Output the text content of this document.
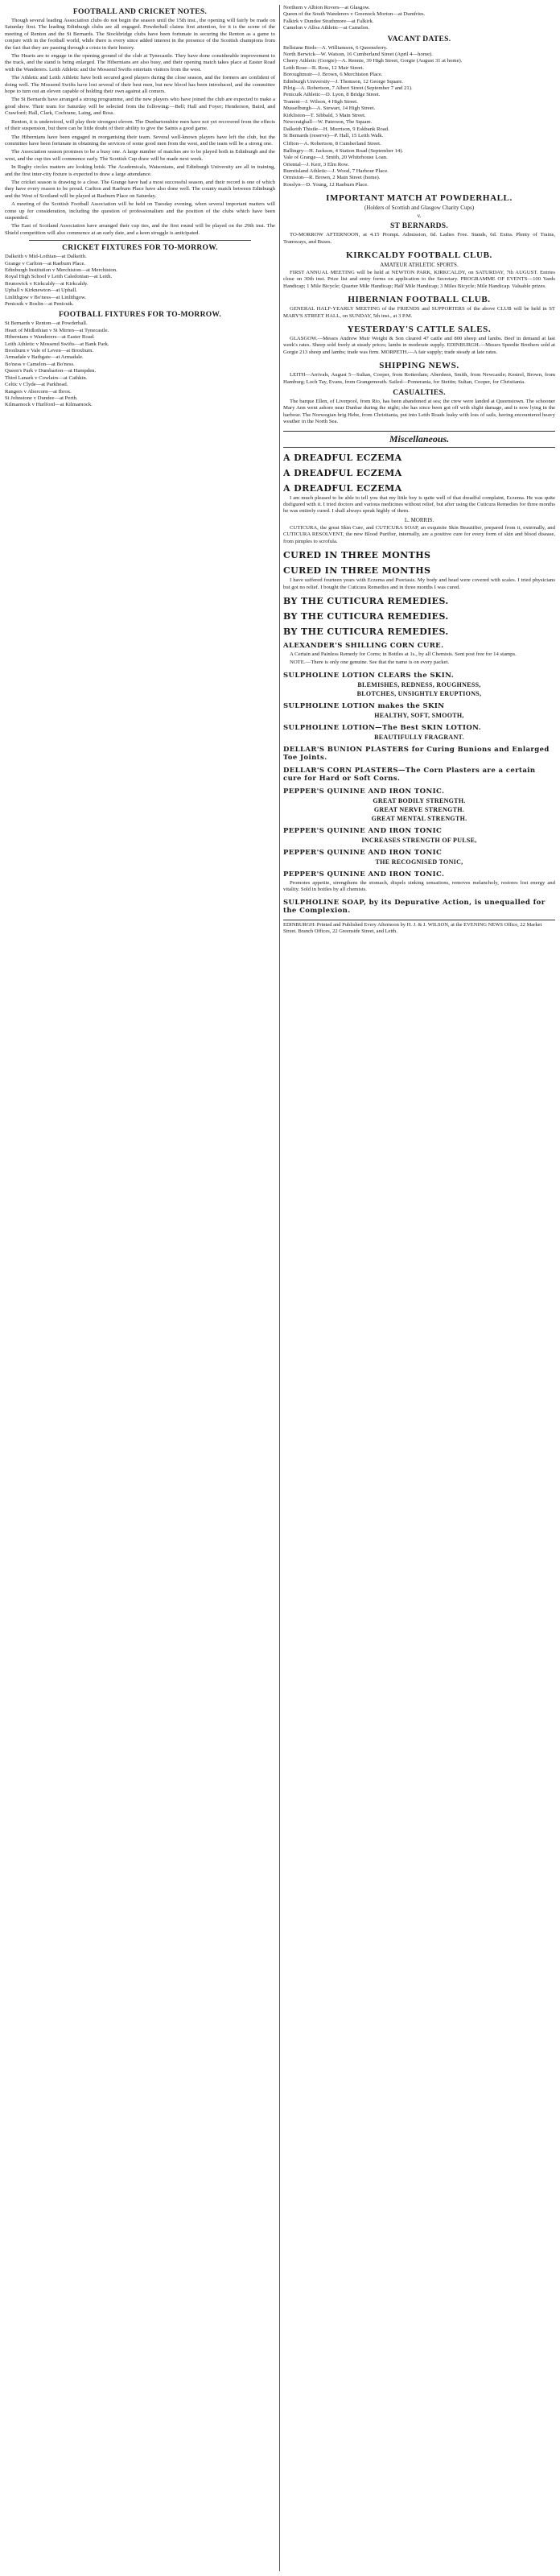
FOOTBALL AND CRICKET NOTES.

Though several leading Association clubs do not begin the season until the 15th inst., the opening will fairly be made on Saturday first. The leading Edinburgh clubs are all engaged. Powderhall claims first attention, for it is the scene of the meeting of Renton and the St Bernards. The Stockbridge clubs have been fortunate in securing the Renton as a game to conjure with in the football world, while there is every since added interest in the presence of the Scottish champions from the fact that they are passing through a crisis in their history.

The Hearts are to engage in the opening ground of the club at Tynecastle. They have done considerable improvement to the track, and the stand is being enlarged. The Hibernians are also busy, and their opening match takes place at Easter Road with the Wanderers. Leith Athletic and the Mossend Swifts entertain visitors from the west.

The Athletic and Leith Athletic have both secured good players during the close season, and the formers are confident of doing well. The Mossend Swifts have lost several of their best men, but new blood has been introduced, and the committee hope to turn out an eleven capable of holding their own against all comers.

The St Bernards have arranged a strong programme, and the new players who have joined the club are expected to make a good show. Their team for Saturday will be selected from the following:—Bell; Hall and Foyer; Henderson, Baird, and Crawford; Hall, Clark, Cochrane, Laing, and Ross.

Renton, it is understood, will play their strongest eleven. The Dunbartonshire men have not yet recovered from the effects of their suspension, but there can be little doubt of their ability to give the Saints a good game.

The Hibernians have been engaged in reorganising their team. Several well-known players have left the club, but the committee have been fortunate in obtaining the services of some good men from the west, and the team will be a strong one.

The Association season promises to be a busy one. A large number of matches are to be played both in Edinburgh and the west, and the cup ties will commence early. The Scottish Cup draw will be made next week.

In Rugby circles matters are looking brisk. The Academicals, Watsonians, and Edinburgh University are all in training, and the first inter-city fixture is expected to draw a large attendance.

The cricket season is drawing to a close. The Grange have had a most successful season, and their record is one of which they have every reason to be proud. Carlton and Raeburn Place have also done well. The county match between Edinburgh and the West of Scotland will be played at Raeburn Place on Saturday.

A meeting of the Scottish Football Association will be held on Tuesday evening, when several important matters will come up for consideration, including the question of professionalism and the position of the clubs which have been suspended.

The East of Scotland Association have arranged their cup ties, and the first round will be played on the 29th inst. The Shield competition will also commence at an early date, and a keen struggle is anticipated.

CRICKET FIXTURES FOR TO-MORROW.
Dalkeith v Mid-Lothian—at Dalkeith.
Grange v Carlton—at Raeburn Place.
Edinburgh Institution v Merchiston—at Merchiston.
Royal High School v Leith Caledonian—at Leith.
Brunswick v Kirkcaldy—at Kirkcaldy.
Uphall v Kirknewton—at Uphall.
Linlithgow v Bo'ness—at Linlithgow.
Penicuik v Roslin—at Penicuik.
FOOTBALL FIXTURES FOR TO-MORROW.
St Bernards v Renton—at Powderhall.
Heart of Midlothian v St Mirren—at Tynecastle.
Hibernians v Wanderers—at Easter Road.
Leith Athletic v Mossend Swifts—at Bank Park.
Broxburn v Vale of Leven—at Broxburn.
Armadale v Bathgate—at Armadale.
Bo'ness v Camelon—at Bo'ness.
Queen's Park v Dumbarton—at Hampden.
Third Lanark v Cowlairs—at Cathkin.
Celtic v Clyde—at Parkhead.
Rangers v Abercorn—at Ibrox.
St Johnstone v Dundee—at Perth.
Kilmarnock v Hurlford—at Kilmarnock.
Northern v Albion Rovers—at Glasgow.
Queen of the South Wanderers v Greenock Morton—at Dumfries.
Falkirk v Dundee Strathmore—at Falkirk.
Camelon v Alloa Athletic—at Camelon.
VACANT DATES.
Bellstane Birds—A. Williamson, 6 Queensferry.
North Berwick—W. Watson, 16 Cumberland Street (April 4—home).
Cherry Athletic (Gorgie)—A. Rennie, 39 High Street, Gorgie (August 31 at home).
Leith Rose—R. Ross, 12 Mair Street.
Boroughmuir—J. Brown, 6 Merchiston Place.
Edinburgh University—J. Thomson, 12 George Square.
Pilrig—A. Robertson, 7 Albert Street (September 7 and 21).
Penicuik Athletic—D. Lyon, 8 Bridge Street.
Tranent—J. Wilson, 4 High Street.
Musselburgh—A. Stewart, 14 High Street.
Kirkliston—T. Sibbald, 3 Main Street.
Newcraighall—W. Paterson, The Square.
Dalkeith Thistle—H. Morrison, 9 Eskbank Road.
St Bernards (reserve)—P. Hall, 15 Leith Walk.
Clifton—A. Robertson, 8 Cumberland Street.
Ballingry—H. Jackson, 4 Station Road (September 14).
Vale of Grange—J. Smith, 20 Whitehouse Loan.
Oriental—J. Kerr, 3 Elm Row.
Burntisland Athletic—J. Wood, 7 Harbour Place.
Ormiston—R. Brown, 2 Main Street (home).
Rosslyn—D. Young, 12 Raeburn Place.
IMPORTANT MATCH AT POWDERHALL.
(Holders of Scottish and Glasgow Charity Cups)
v.
ST BERNARDS.

TO-MORROW AFTERNOON, at 4.15 Prompt. Admission, 6d. Ladies Free. Stands, 6d. Extra. Plenty of Trains, Tramways, and Buses.

KIRKCALDY FOOTBALL CLUB.
AMATEUR ATHLETIC SPORTS.

FIRST ANNUAL MEETING will be held at NEWTON PARK, KIRKCALDY, on SATURDAY, 7th AUGUST. Entries close on 30th inst. Prize list and entry forms on application to the Secretary. PROGRAMME OF EVENTS—100 Yards Handicap; 1 Mile Bicycle; Quarter Mile Handicap; Half Mile Handicap; 3 Miles Bicycle; Mile Handicap. Valuable prizes.

HIBERNIAN FOOTBALL CLUB.

GENERAL HALF-YEARLY MEETING of the FRIENDS and SUPPORTERS of the above CLUB will be held in ST MARY'S STREET HALL, on SUNDAY, 5th inst., at 3 P.M.

YESTERDAY'S CATTLE SALES.

GLASGOW.—Messrs Andrew Muir Weight & Son cleared 47 cattle and 800 sheep and lambs. Beef in demand at last week's rates. Sheep sold freely at steady prices; lambs in moderate supply. EDINBURGH.—Messrs Speedie Brothers sold at Gorgie 213 sheep and lambs; trade was firm. MORPETH.—A fair supply; trade steady at late rates.

SHIPPING NEWS.

LEITH—Arrivals, August 5—Sultan, Cooper, from Rotterdam; Aberdeen, Smith, from Newcastle; Kestrel, Brown, from Hamburg; Loch Tay, Evans, from Grangemouth. Sailed—Pomerania, for Stettin; Sultan, Cooper, for Christiania.

CASUALTIES.

The barque Ellen, of Liverpool, from Rio, has been abandoned at sea; the crew were landed at Queenstown. The schooner Mary Ann went ashore near Dunbar during the night; she has since been got off with slight damage, and is now lying in the harbour. The Norwegian brig Hebe, from Christiania, put into Leith Roads leaky with loss of sails, having encountered heavy weather in the North Sea.

Miscellaneous.
A DREADFUL ECZEMA
A DREADFUL ECZEMA
A DREADFUL ECZEMA

I am much pleased to be able to tell you that my little boy is quite well of that dreadful complaint, Eczema. He was quite disfigured with it. I tried doctors and various medicines without relief, but after using the Cuticura Remedies for three months he was entirely cured. I shall always speak highly of them.

L. MORRIS.

CUTICURA, the great Skin Cure, and CUTICURA SOAP, an exquisite Skin Beautifier, prepared from it, externally, and CUTICURA RESOLVENT, the new Blood Purifier, internally, are a positive cure for every form of skin and blood disease, from pimples to scrofula.

CURED IN THREE MONTHS
CURED IN THREE MONTHS

I have suffered fourteen years with Eczema and Psoriasis. My body and head were covered with scales. I tried physicians but got no relief. I bought the Cuticura Remedies and in three months I was cured.

BY THE CUTICURA REMEDIES.
BY THE CUTICURA REMEDIES.
BY THE CUTICURA REMEDIES.
ALEXANDER'S SHILLING CORN CURE.

A Certain and Painless Remedy for Corns; in Bottles at 1s., by all Chemists. Sent post free for 14 stamps.

NOTE.—There is only one genuine. See that the name is on every packet.

SULPHOLINE LOTION CLEARS the SKIN.
BLEMISHES, REDNESS, ROUGHNESS,
BLOTCHES, UNSIGHTLY ERUPTIONS,
SULPHOLINE LOTION makes the SKIN
HEALTHY, SOFT, SMOOTH,
SULPHOLINE LOTION—The Best SKIN LOTION.
BEAUTIFULLY FRAGRANT.
DELLAR'S BUNION PLASTERS for Curing Bunions and Enlarged Toe Joints.
DELLAR'S CORN PLASTERS—The Corn Plasters are a certain cure for Hard or Soft Corns.
PEPPER'S QUININE AND IRON TONIC.
GREAT BODILY STRENGTH.
GREAT NERVE STRENGTH.
GREAT MENTAL STRENGTH.
PEPPER'S QUININE AND IRON TONIC
INCREASES STRENGTH OF PULSE,
PEPPER'S QUININE AND IRON TONIC
THE RECOGNISED TONIC,
PEPPER'S QUININE AND IRON TONIC.

Promotes appetite, strengthens the stomach, dispels sinking sensations, removes melancholy, restores lost energy and vitality. Sold in bottles by all chemists.

SULPHOLINE SOAP, by its Depurative Action, is unequalled for the Complexion.
EDINBURGH: Printed and Published Every Afternoon by H. J. & J. WILSON, at the EVENING NEWS Office, 22 Market Street. Branch Offices, 22 Greenside Street, and Leith.
